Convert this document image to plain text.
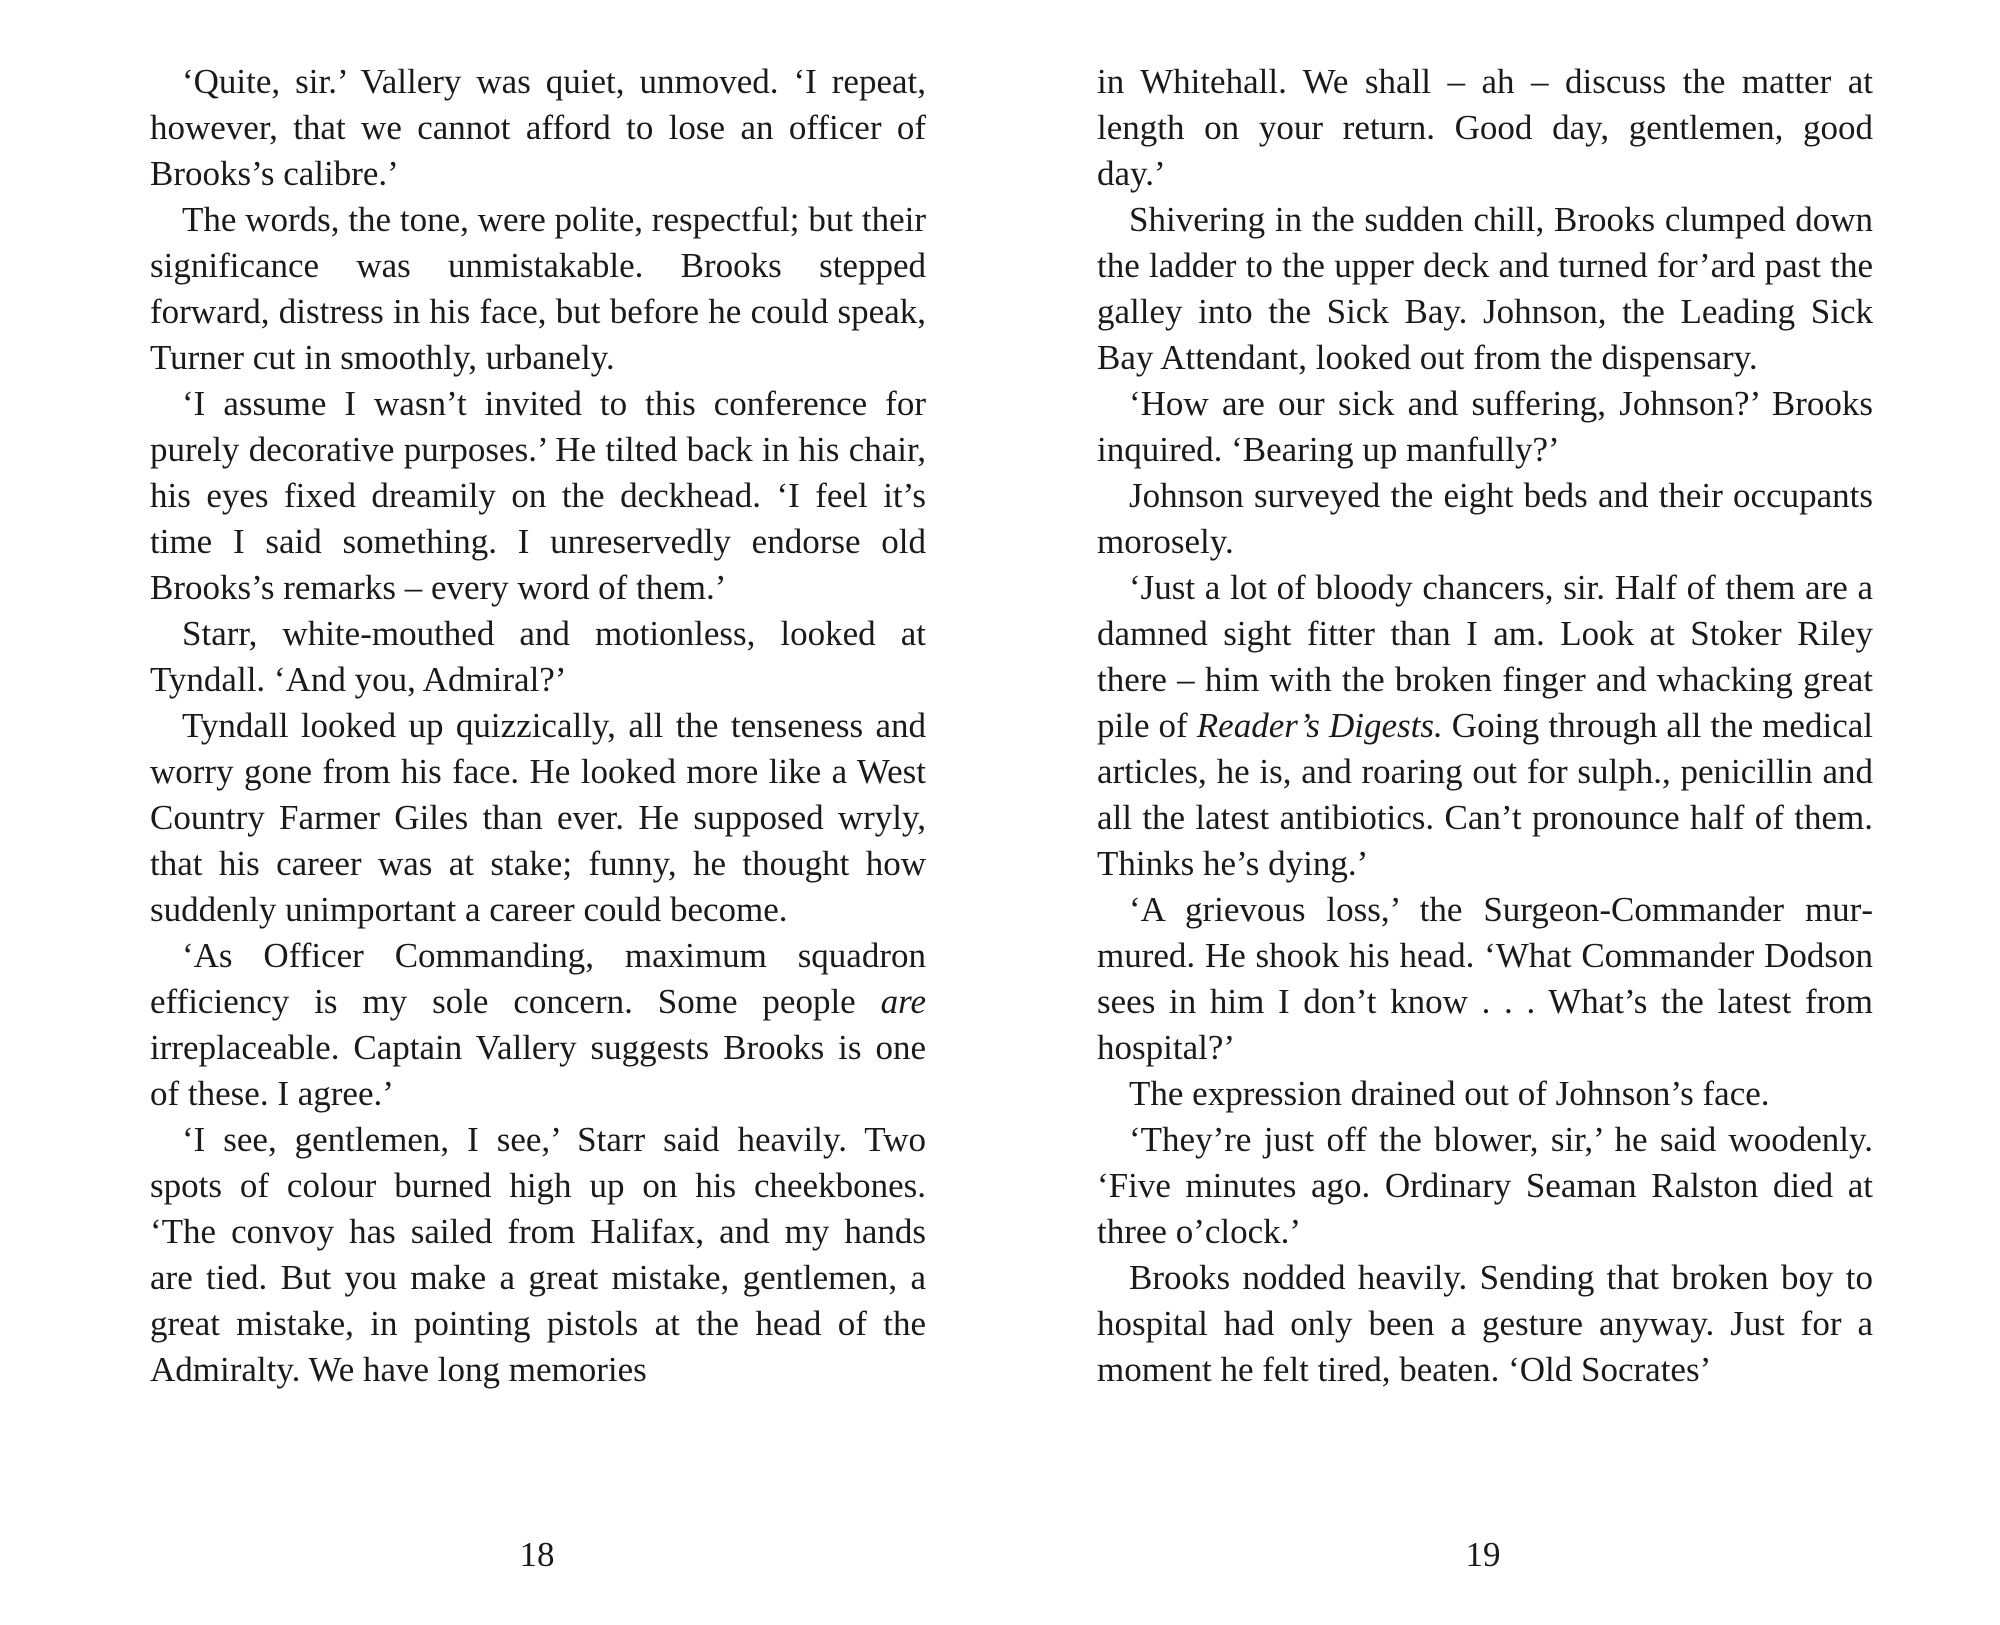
‘Quite, sir.’ Vallery was quiet, unmoved. ‘I repeat, however, that we cannot afford to lose an officer of Brooks’s calibre.’

The words, the tone, were polite, respectful; but their significance was unmistakable. Brooks stepped forward, distress in his face, but before he could speak, Turner cut in smoothly, urbanely.

‘I assume I wasn’t invited to this conference for purely decorative purposes.’ He tilted back in his chair, his eyes fixed dreamily on the deckhead. ‘I feel it’s time I said something. I unreservedly endorse old Brooks’s remarks – every word of them.’

Starr, white-mouthed and motionless, looked at Tyndall. ‘And you, Admiral?’

Tyndall looked up quizzically, all the tenseness and worry gone from his face. He looked more like a West Country Farmer Giles than ever. He supposed wryly, that his career was at stake; funny, he thought how suddenly unimportant a career could become.

‘As Officer Commanding, maximum squadron efficiency is my sole concern. Some people are irreplaceable. Captain Vallery suggests Brooks is one of these. I agree.’

‘I see, gentlemen, I see,’ Starr said heavily. Two spots of colour burned high up on his cheekbones. ‘The convoy has sailed from Halifax, and my hands are tied. But you make a great mistake, gentlemen, a great mistake, in pointing pistols at the head of the Admiralty. We have long memories

18

in Whitehall. We shall – ah – discuss the matter at length on your return. Good day, gentlemen, good day.’

Shivering in the sudden chill, Brooks clumped down the ladder to the upper deck and turned for’ard past the galley into the Sick Bay. Johnson, the Leading Sick Bay Attendant, looked out from the dispensary.

‘How are our sick and suffering, Johnson?’ Brooks inquired. ‘Bearing up manfully?’

Johnson surveyed the eight beds and their occupants morosely.

‘Just a lot of bloody chancers, sir. Half of them are a damned sight fitter than I am. Look at Stoker Riley there – him with the broken finger and whacking great pile of Reader’s Digests. Going through all the medical articles, he is, and roaring out for sulph., penicillin and all the latest antibiotics. Can’t pronounce half of them. Thinks he’s dying.’

‘A grievous loss,’ the Surgeon-Commander murmured. He shook his head. ‘What Commander Dodson sees in him I don’t know . . . What’s the latest from hospital?’

The expression drained out of Johnson’s face.

‘They’re just off the blower, sir,’ he said woodenly. ‘Five minutes ago. Ordinary Seaman Ralston died at three o’clock.’

Brooks nodded heavily. Sending that broken boy to hospital had only been a gesture anyway. Just for a moment he felt tired, beaten. ‘Old Socrates’

19
